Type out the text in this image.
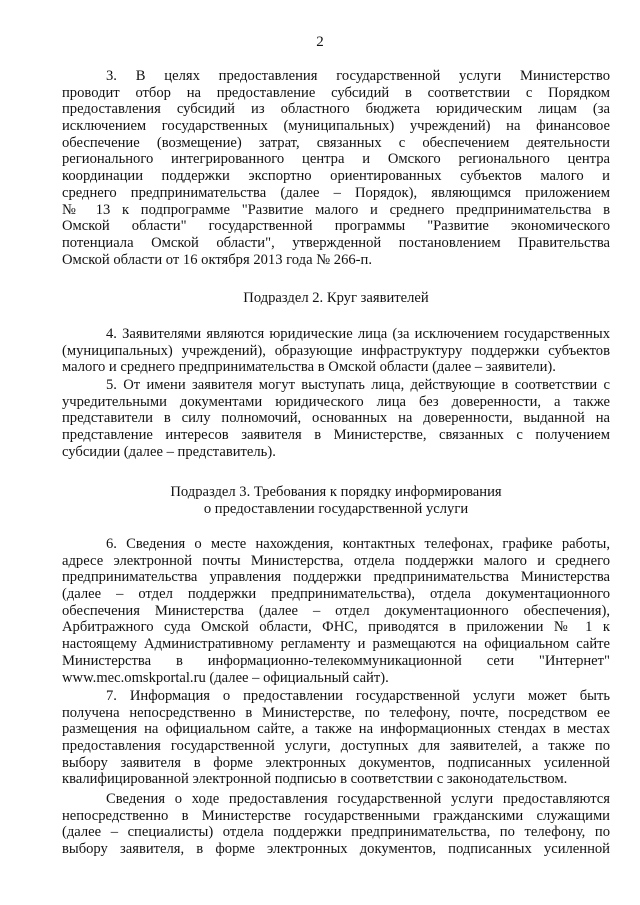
2
3. В целях предоставления государственной услуги Министерство
проводит отбор на предоставление субсидий в соответствии с Порядком
предоставления субсидий из областного бюджета юридическим лицам (за
исключением государственных (муниципальных) учреждений) на финансовое
обеспечение (возмещение) затрат, связанных с обеспечением деятельности
регионального интегрированного центра и Омского регионального центра
координации поддержки экспортно ориентированных субъектов малого и
среднего предпринимательства (далее – Порядок), являющимся приложением
№ 13 к подпрограмме "Развитие малого и среднего предпринимательства в
Омской области" государственной программы "Развитие экономического
потенциала Омской области", утвержденной постановлением Правительства
Омской области от 16 октября 2013 года № 266-п.
Подраздел 2. Круг заявителей
4. Заявителями являются юридические лица (за исключением государственных
(муниципальных) учреждений), образующие инфраструктуру поддержки субъектов
малого и среднего предпринимательства в Омской области (далее – заявители).
5. От имени заявителя могут выступать лица, действующие в соответствии с
учредительными документами юридического лица без доверенности, а также
представители в силу полномочий, основанных на доверенности, выданной на
представление интересов заявителя в Министерстве, связанных с получением
субсидии (далее – представитель).
Подраздел 3. Требования к порядку информирования
о предоставлении государственной услуги
6. Сведения о месте нахождения, контактных телефонах, графике работы,
адресе электронной почты Министерства, отдела поддержки малого и среднего
предпринимательства управления поддержки предпринимательства Министерства
(далее – отдел поддержки предпринимательства), отдела документационного
обеспечения Министерства (далее – отдел документационного обеспечения),
Арбитражного суда Омской области, ФНС, приводятся в приложении № 1 к
настоящему Административному регламенту и размещаются на официальном сайте
Министерства в информационно-телекоммуникационной сети "Интернет"
www.mec.omskportal.ru (далее – официальный сайт).
7. Информация о предоставлении государственной услуги может быть
получена непосредственно в Министерстве, по телефону, почте, посредством ее
размещения на официальном сайте, а также на информационных стендах в местах
предоставления государственной услуги, доступных для заявителей, а также по
выбору заявителя в форме электронных документов, подписанных усиленной
квалифицированной электронной подписью в соответствии с законодательством.
Сведения о ходе предоставления государственной услуги предоставляются
непосредственно в Министерстве государственными гражданскими служащими
(далее – специалисты) отдела поддержки предпринимательства, по телефону, по
выбору заявителя, в форме электронных документов, подписанных усиленной
